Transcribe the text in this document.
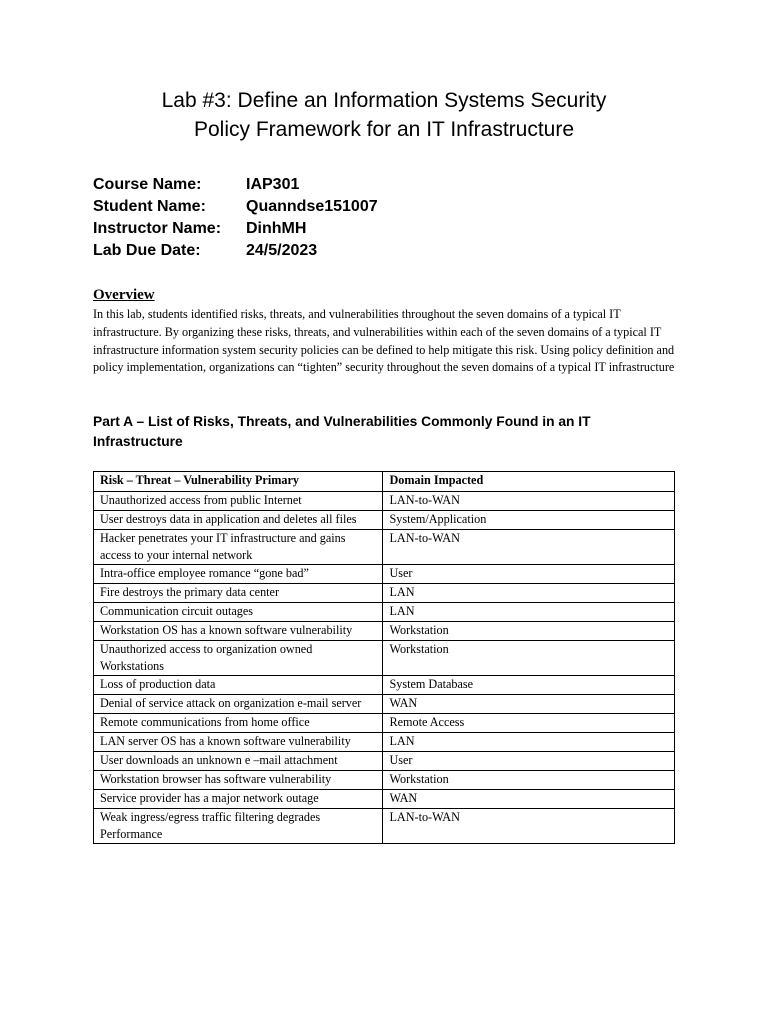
Lab #3: Define an Information Systems Security
Policy Framework for an IT Infrastructure
Course Name:	IAP301
Student Name:	Quanndse151007
Instructor Name:	DinhMH
Lab Due Date:	24/5/2023
Overview

In this lab, students identified risks, threats, and vulnerabilities throughout the seven domains of a typical IT infrastructure. By organizing these risks, threats, and vulnerabilities within each of the seven domains of a typical IT infrastructure information system security policies can be defined to help mitigate this risk. Using policy definition and policy implementation, organizations can “tighten” security throughout the seven domains of a typical IT infrastructure

Part A – List of Risks, Threats, and Vulnerabilities Commonly Found in an IT Infrastructure
Risk – Threat – Vulnerability Primary	Domain Impacted
Unauthorized access from public Internet	LAN-to-WAN
User destroys data in application and deletes all files	System/Application
Hacker penetrates your IT infrastructure and gains access to your internal network	LAN-to-WAN
Intra-office employee romance “gone bad”	User
Fire destroys the primary data center	LAN
Communication circuit outages	LAN
Workstation OS has a known software vulnerability	Workstation
Unauthorized access to organization owned Workstations	Workstation
Loss of production data	System Database
Denial of service attack on organization e-mail server	WAN
Remote communications from home office	Remote Access
LAN server OS has a known software vulnerability	LAN
User downloads an unknown e –mail attachment	User
Workstation browser has software vulnerability	Workstation
Service provider has a major network outage	WAN
Weak ingress/egress traffic filtering degrades Performance	LAN-to-WAN
